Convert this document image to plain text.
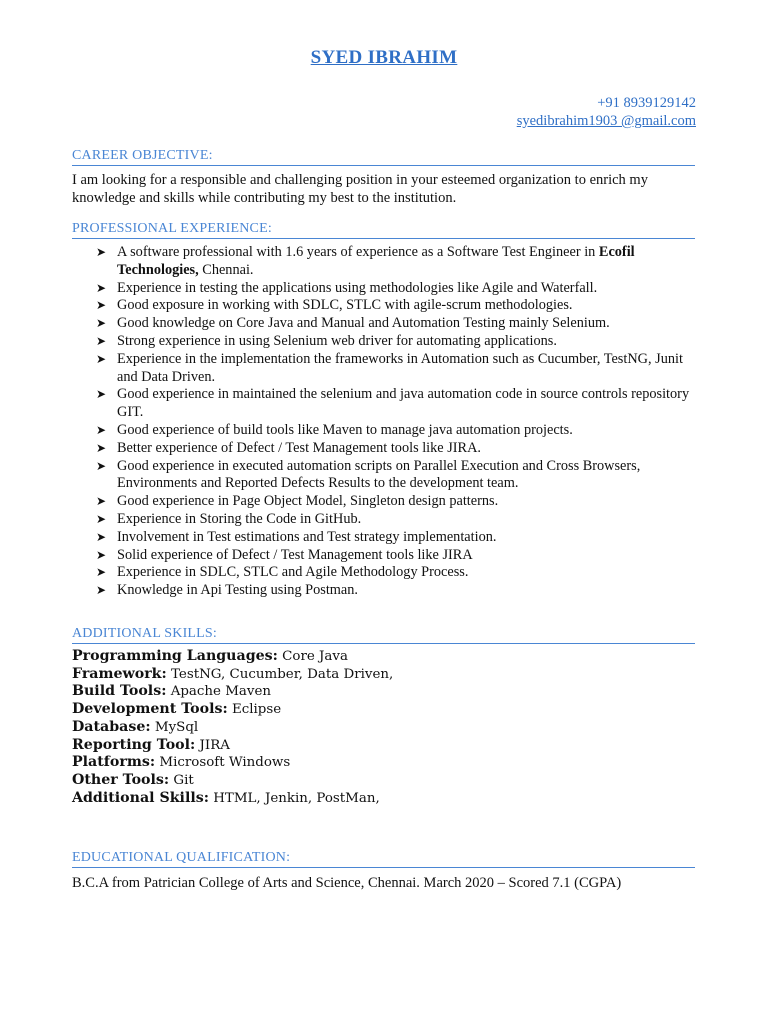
SYED IBRAHIM
+91 8939129142
syedibrahim1903 @gmail.com
CAREER OBJECTIVE:
I am looking for a responsible and challenging position in your esteemed organization to enrich my knowledge and skills while contributing my best to the institution.
PROFESSIONAL EXPERIENCE:
➤ A software professional with 1.6 years of experience as a Software Test Engineer in Ecofil Technologies, Chennai.
➤ Experience in testing the applications using methodologies like Agile and Waterfall.
➤ Good exposure in working with SDLC, STLC with agile-scrum methodologies.
➤ Good knowledge on Core Java and Manual and Automation Testing mainly Selenium.
➤ Strong experience in using Selenium web driver for automating applications.
➤ Experience in the implementation the frameworks in Automation such as Cucumber, TestNG, Junit and Data Driven.
➤ Good experience in maintained the selenium and java automation code in source controls repository GIT.
➤ Good experience of build tools like Maven to manage java automation projects.
➤ Better experience of Defect / Test Management tools like JIRA.
➤ Good experience in executed automation scripts on Parallel Execution and Cross Browsers, Environments and Reported Defects Results to the development team.
➤ Good experience in Page Object Model, Singleton design patterns.
➤ Experience in Storing the Code in GitHub.
➤ Involvement in Test estimations and Test strategy implementation.
➤ Solid experience of Defect / Test Management tools like JIRA
➤ Experience in SDLC, STLC and Agile Methodology Process.
➤ Knowledge in Api Testing using Postman.
ADDITIONAL SKILLS:
Programming Languages: Core Java
Framework: TestNG, Cucumber, Data Driven,
Build Tools: Apache Maven
Development Tools: Eclipse
Database: MySql
Reporting Tool: JIRA
Platforms: Microsoft Windows
Other Tools: Git
Additional Skills: HTML, Jenkin, PostMan,
EDUCATIONAL QUALIFICATION:
B.C.A from Patrician College of Arts and Science, Chennai. March 2020 – Scored 7.1 (CGPA)
